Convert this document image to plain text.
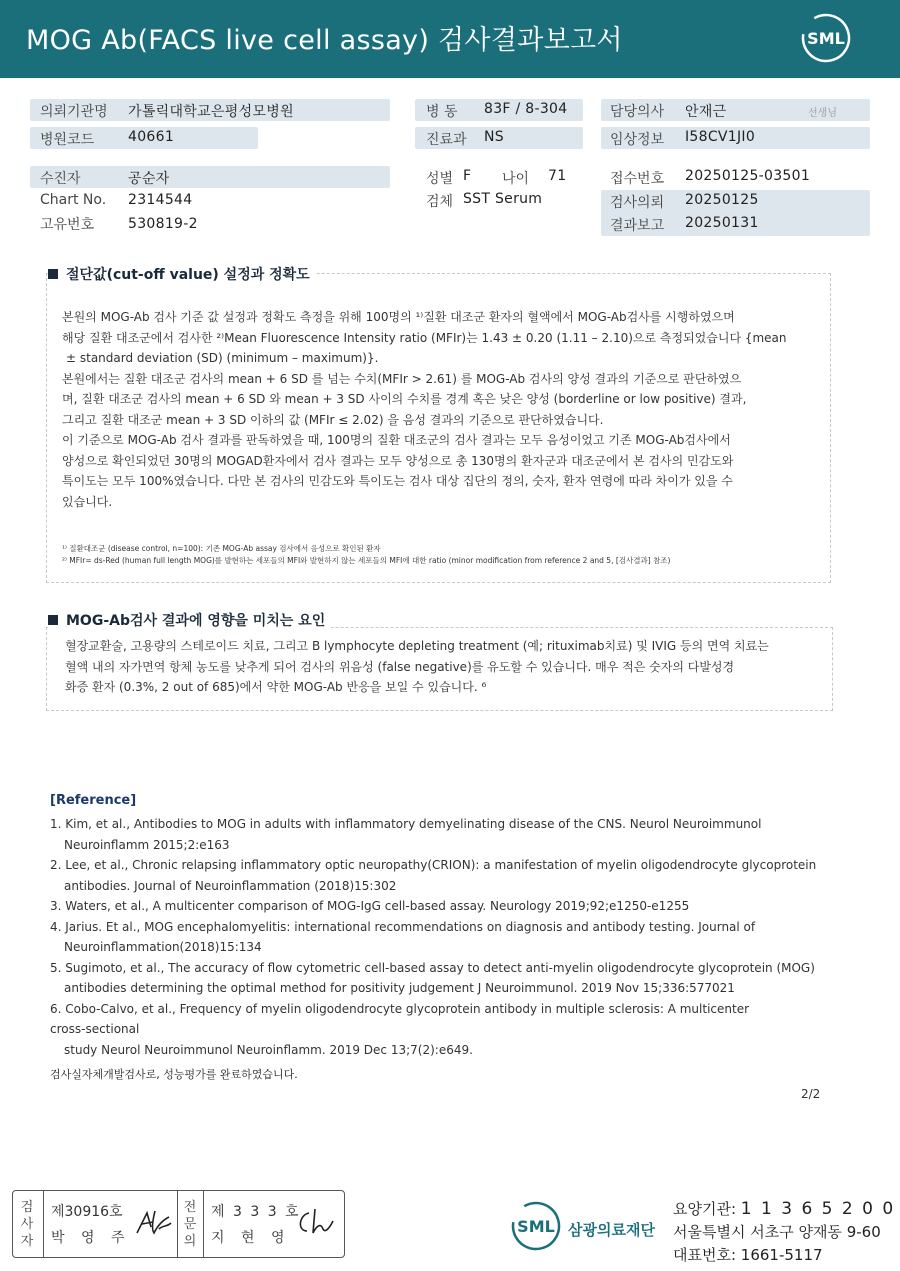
MOG Ab(FACS live cell assay) 검사결과보고서	SML
의뢰기관명 가톨릭대학교은평성모병원
병원코드 40661
병 동 83F / 8-304
진료과 NS
담당의사 안재근	선생님
임상정보 I58CV1JI0
수진자	공순자
Chart No. 2314544
고유번호 530819-2
성별 F 나이 71
검체 SST Serum
접수번호 20250125-03501
검사의뢰 20250125
결과보고 20250131
절단값(cut-off value) 설정과 정확도

본원의 MOG-Ab 검사 기준 값 설정과 정확도 측정을 위해 100명의 ¹⁾질환 대조군 환자의 혈액에서 MOG-Ab검사를 시행하였으며

해당 질환 대조군에서 검사한 ²⁾Mean Fluorescence Intensity ratio (MFIr)는 1.43 ± 0.20 (1.11 – 2.10)으로 측정되었습니다 {mean

± standard deviation (SD) (minimum – maximum)}.

본원에서는 질환 대조군 검사의 mean + 6 SD 를 넘는 수치(MFIr > 2.61) 를 MOG-Ab 검사의 양성 결과의 기준으로 판단하였으

며, 질환 대조군 검사의 mean + 6 SD 와 mean + 3 SD 사이의 수치를 경계 혹은 낮은 양성 (borderline or low positive) 결과,

그리고 질환 대조군 mean + 3 SD 이하의 값 (MFIr ≤ 2.02) 을 음성 결과의 기준으로 판단하였습니다.

이 기준으로 MOG-Ab 검사 결과를 판독하였을 때, 100명의 질환 대조군의 검사 결과는 모두 음성이었고 기존 MOG-Ab검사에서

양성으로 확인되었던 30명의 MOGAD환자에서 검사 결과는 모두 양성으로 총 130명의 환자군과 대조군에서 본 검사의 민감도와

특이도는 모두 100%였습니다. 다만 본 검사의 민감도와 특이도는 검사 대상 집단의 정의, 숫자, 환자 연령에 따라 차이가 있을 수

있습니다.

¹⁾ 질환대조군 (disease control, n=100): 기존 MOG-Ab assay 검사에서 음성으로 확인된 환자
²⁾ MFIr= ds-Red (human full length MOG)를 발현하는 세포들의 MFI와 발현하지 않는 세포들의 MFI에 대한 ratio (minor modification from reference 2 and 5, [검사결과] 참조)
MOG-Ab검사 결과에 영향을 미치는 요인

혈장교환술, 고용량의 스테로이드 치료, 그리고 B lymphocyte depleting treatment (예; rituximab치료) 및 IVIG 등의 면역 치료는

혈액 내의 자가면역 항체 농도를 낮추게 되어 검사의 위음성 (false negative)를 유도할 수 있습니다. 매우 적은 숫자의 다발성경

화증 환자 (0.3%, 2 out of 685)에서 약한 MOG-Ab 반응을 보일 수 있습니다. ⁶

[Reference]

1. Kim, et al., Antibodies to MOG in adults with inflammatory demyelinating disease of the CNS. Neurol Neuroimmunol

Neuroinflamm 2015;2:e163

2. Lee, et al., Chronic relapsing inflammatory optic neuropathy(CRION): a manifestation of myelin oligodendrocyte glycoprotein

antibodies. Journal of Neuroinflammation (2018)15:302

3. Waters, et al., A multicenter comparison of MOG-IgG cell-based assay. Neurology 2019;92;e1250-e1255

4. Jarius. Et al., MOG encephalomyelitis: international recommendations on diagnosis and antibody testing. Journal of

Neuroinflammation(2018)15:134

5. Sugimoto, et al., The accuracy of flow cytometric cell-based assay to detect anti-myelin oligodendrocyte glycoprotein (MOG)

antibodies determining the optimal method for positivity judgement J Neuroimmunol. 2019 Nov 15;336:577021

6. Cobo-Calvo, et al., Frequency of myelin oligodendrocyte glycoprotein antibody in multiple sclerosis: A multicenter

cross-sectional

study Neurol Neuroimmunol Neuroinflamm. 2019 Dec 13;7(2):e649.

검사실자체개발검사로, 성능평가를 완료하였습니다.
2/2
검
사
자
제30916호
박 영 주
전
문
의
제 3 3 3 호
지 현 영
SML 삼광의료재단
요양기관: 1 1 3 6 5 2 0 0
서울특별시 서초구 양재동 9-60
대표번호: 1661-5117
